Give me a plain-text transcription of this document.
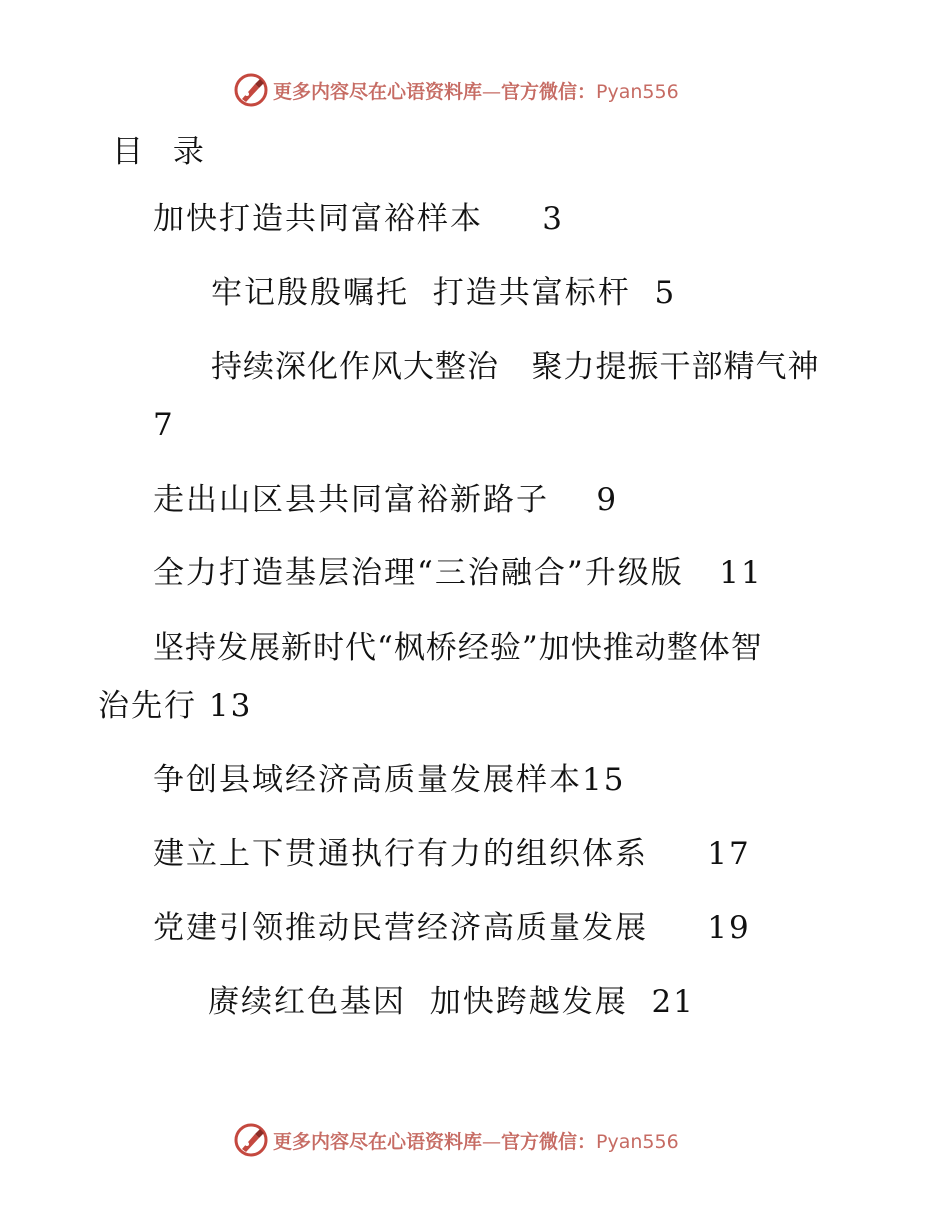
更多内容尽在心语资料库—官方微信：Pyan556
目 录

加快打造共同富裕样本 3

牢记殷殷嘱托  打造共富标杆 5

持续深化作风大整治   聚力提振干部精气神

7

走出山区县共同富裕新路子 9

全力打造基层治理“三治融合”升级版 11

坚持发展新时代“枫桥经验”加快推动整体智

治先行 13

争创县域经济高质量发展样本15

建立上下贯通执行有力的组织体系 17

党建引领推动民营经济高质量发展 19

赓续红色基因  加快跨越发展 21

更多内容尽在心语资料库—官方微信：Pyan556
